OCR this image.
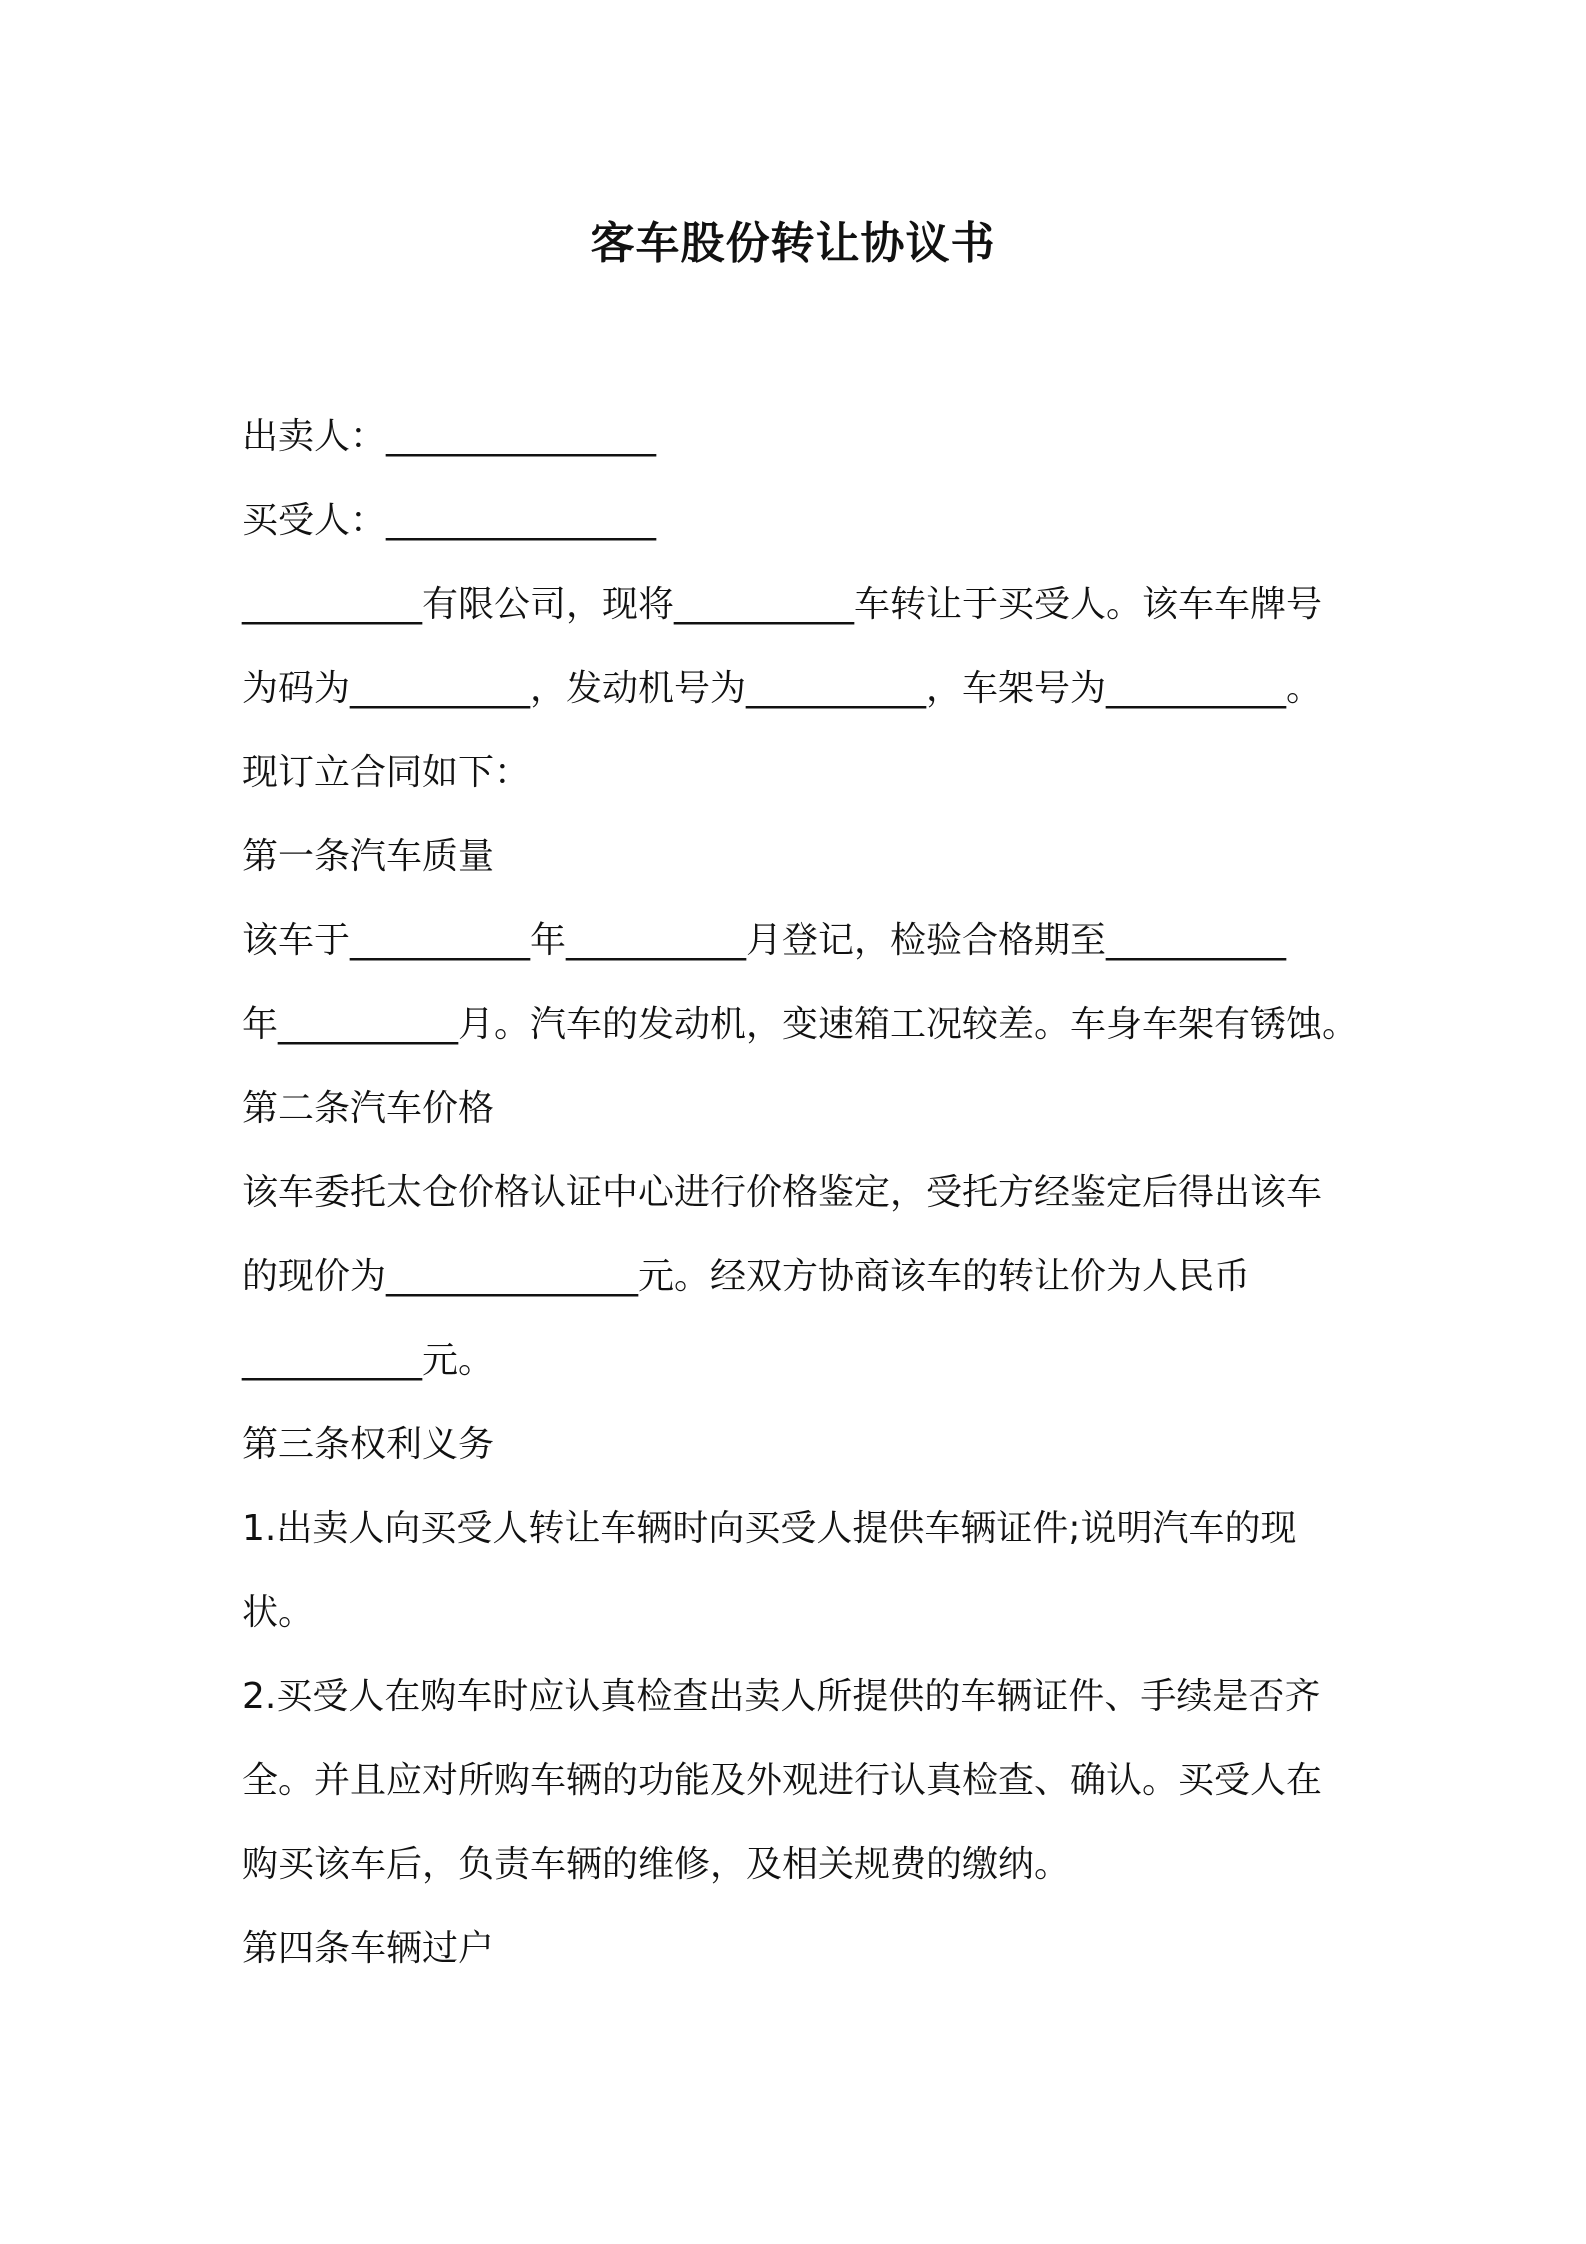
客车股份转让协议书
出卖人：_______________
买受人：_______________
__________有限公司，现将__________车转让于买受人。该车车牌号
为码为__________，发动机号为__________，车架号为__________。
现订立合同如下：
第一条汽车质量
该车于__________年__________月登记，检验合格期至__________
年__________月。汽车的发动机，变速箱工况较差。车身车架有锈蚀。
第二条汽车价格
该车委托太仓价格认证中心进行价格鉴定，受托方经鉴定后得出该车
的现价为______________元。经双方协商该车的转让价为人民币
__________元。
第三条权利义务
1.出卖人向买受人转让车辆时向买受人提供车辆证件;说明汽车的现
状。
2.买受人在购车时应认真检查出卖人所提供的车辆证件、手续是否齐
全。并且应对所购车辆的功能及外观进行认真检查、确认。买受人在
购买该车后，负责车辆的维修，及相关规费的缴纳。
第四条车辆过户
